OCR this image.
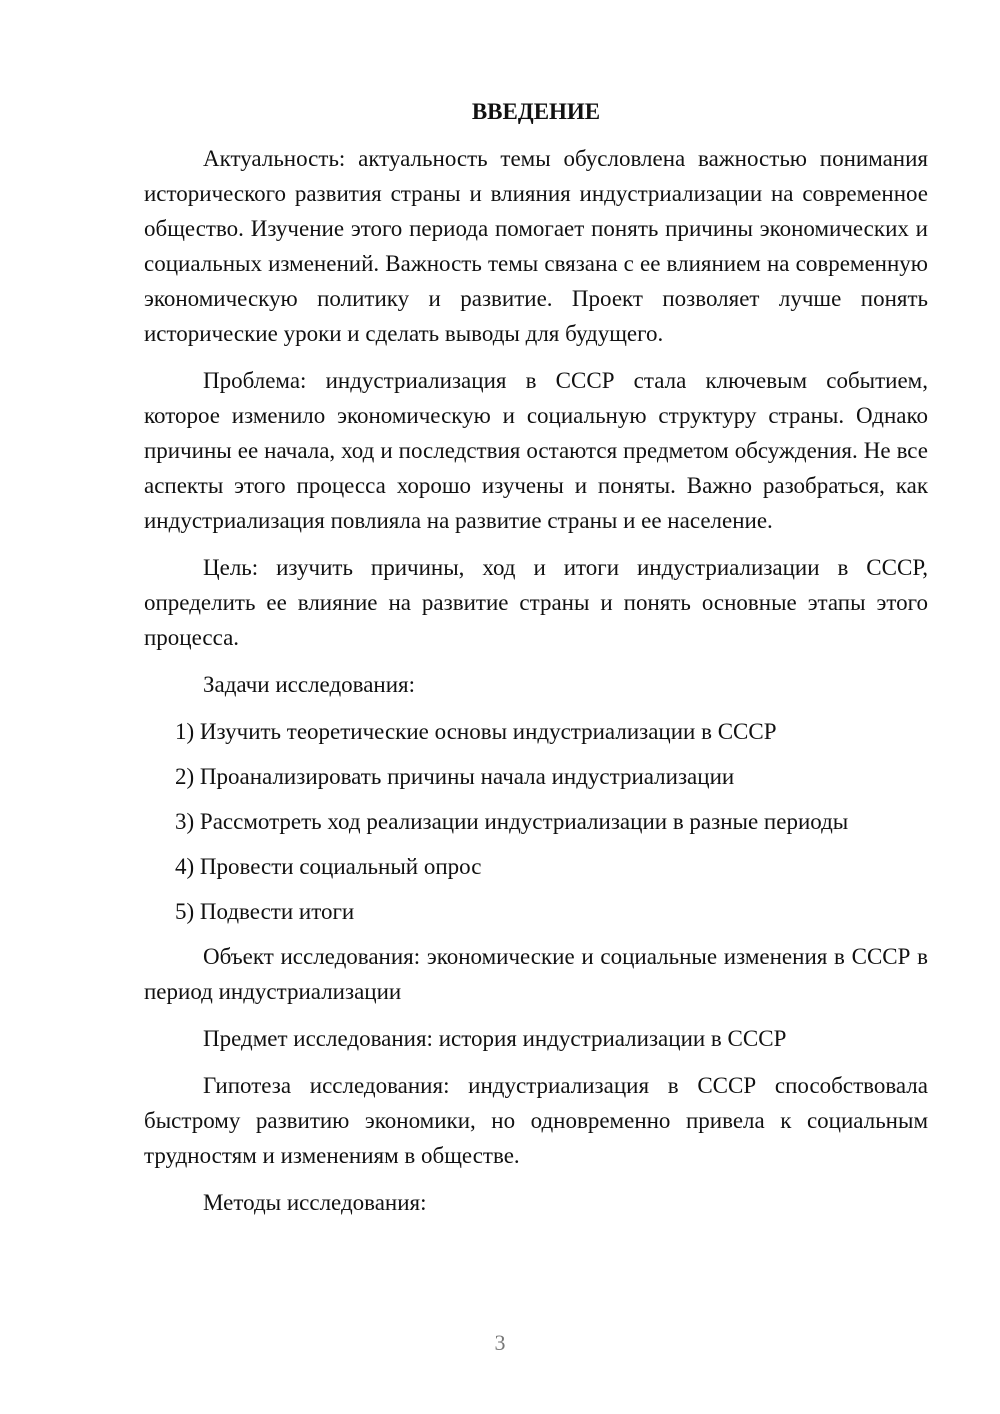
ВВЕДЕНИЕ

Актуальность: актуальность темы обусловлена важностью понимания исторического развития страны и влияния индустриализации на современное общество. Изучение этого периода помогает понять причины экономических и социальных изменений. Важность темы связана с ее влиянием на современную экономическую политику и развитие. Проект позволяет лучше понять исторические уроки и сделать выводы для будущего.

Проблема: индустриализация в СССР стала ключевым событием, которое изменило экономическую и социальную структуру страны. Однако причины ее начала, ход и последствия остаются предметом обсуждения. Не все аспекты этого процесса хорошо изучены и поняты. Важно разобраться, как индустриализация повлияла на развитие страны и ее население.

Цель: изучить причины, ход и итоги индустриализации в СССР, определить ее влияние на развитие страны и понять основные этапы этого процесса.

Задачи исследования:

1) Изучить теоретические основы индустриализации в СССР
2) Проанализировать причины начала индустриализации
3) Рассмотреть ход реализации индустриализации в разные периоды
4) Провести социальный опрос
5) Подвести итоги

Объект исследования: экономические и социальные изменения в СССР в период индустриализации

Предмет исследования: история индустриализации в СССР

Гипотеза исследования: индустриализация в СССР способствовала быстрому развитию экономики, но одновременно привела к социальным трудностям и изменениям в обществе.

Методы исследования:

3
